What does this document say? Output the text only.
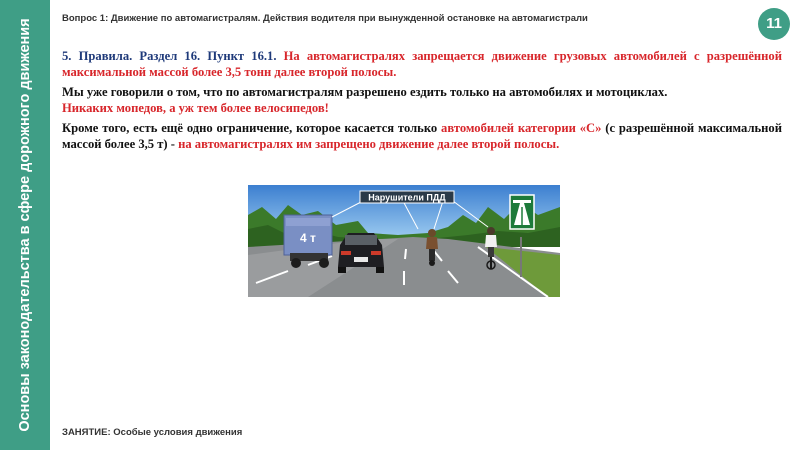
Основы законодательства в сфере дорожного движения	Вопрос 1: Движение по автомагистралям. Действия водителя при вынужденной остановке на автомагистрали	11

5. Правила. Раздел 16. Пункт 16.1. На автомагистралях запрещается движение грузовых автомобилей с разрешённой максимальной массой более 3,5 тонн далее второй полосы.

Мы уже говорили о том, что по автомагистралям разрешено ездить только на автомобилях и мотоциклах.
Никаких мопедов, а уж тем более велосипедов!

Кроме того, есть ещё одно ограничение, которое касается только автомобилей категории «С» (с разрешённой максимальной массой более 3,5 т) - на автомагистралях им запрещено движение далее второй полосы.

4 т
Нарушители ПДД
ЗАНЯТИЕ: Особые условия движения
